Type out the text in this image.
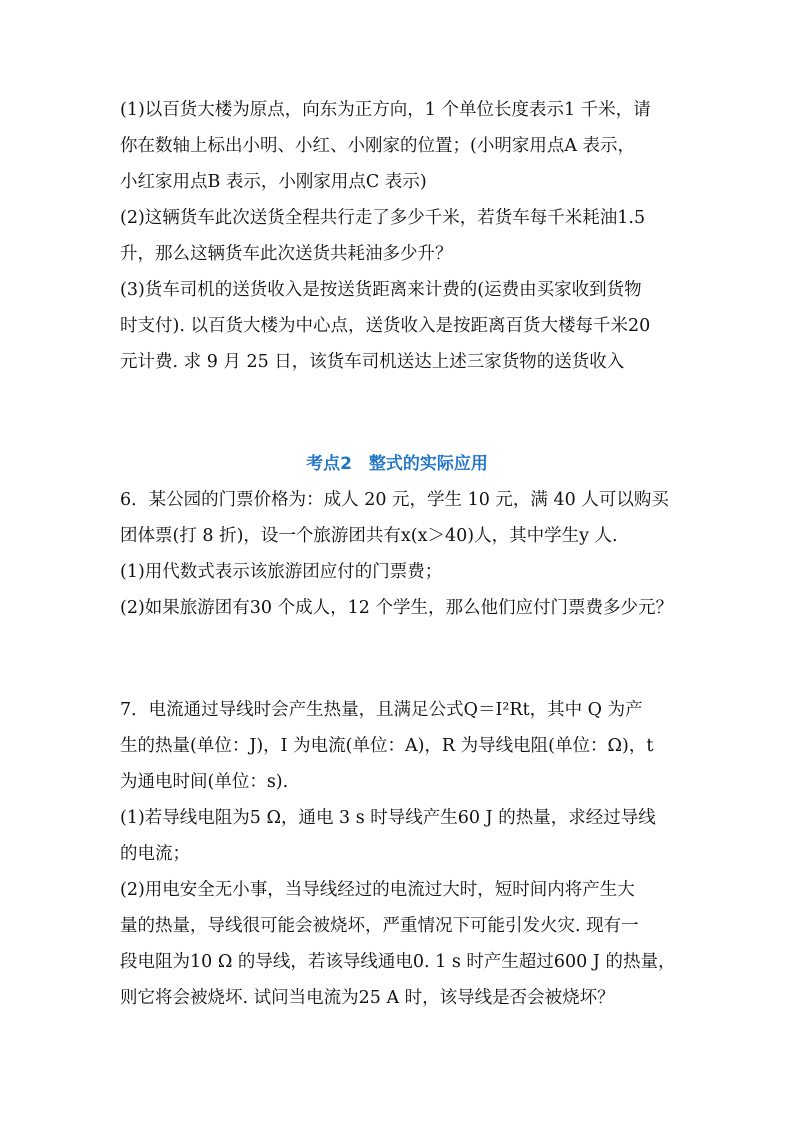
(1)以百货大楼为原点，向东为正方向，1 个单位长度表示1 千米，请

你在数轴上标出小明、小红、小刚家的位置；(小明家用点A 表示，

小红家用点B 表示，小刚家用点C 表示)

(2)这辆货车此次送货全程共行走了多少千米，若货车每千米耗油1.5

升，那么这辆货车此次送货共耗油多少升？

(3)货车司机的送货收入是按送货距离来计费的(运费由买家收到货物

时支付). 以百货大楼为中心点，送货收入是按距离百货大楼每千米20

元计费. 求 9 月 25 日，该货车司机送达上述三家货物的送货收入

考点2　整式的实际应用

6．某公园的门票价格为：成人 20 元，学生 10 元，满 40 人可以购买

团体票(打 8 折)，设一个旅游团共有x(x＞40)人，其中学生y 人.

(1)用代数式表示该旅游团应付的门票费；

(2)如果旅游团有30 个成人，12 个学生，那么他们应付门票费多少元？

7．电流通过导线时会产生热量，且满足公式Q＝I²Rt，其中 Q 为产

生的热量(单位：J)，I 为电流(单位：A)，R 为导线电阻(单位：Ω)，t

为通电时间(单位：s).

(1)若导线电阻为5 Ω，通电 3 s 时导线产生60 J 的热量，求经过导线

的电流；

(2)用电安全无小事，当导线经过的电流过大时，短时间内将产生大

量的热量，导线很可能会被烧坏，严重情况下可能引发火灾. 现有一

段电阻为10 Ω 的导线，若该导线通电0. 1 s 时产生超过600 J 的热量，

则它将会被烧坏. 试问当电流为25 A 时，该导线是否会被烧坏？
